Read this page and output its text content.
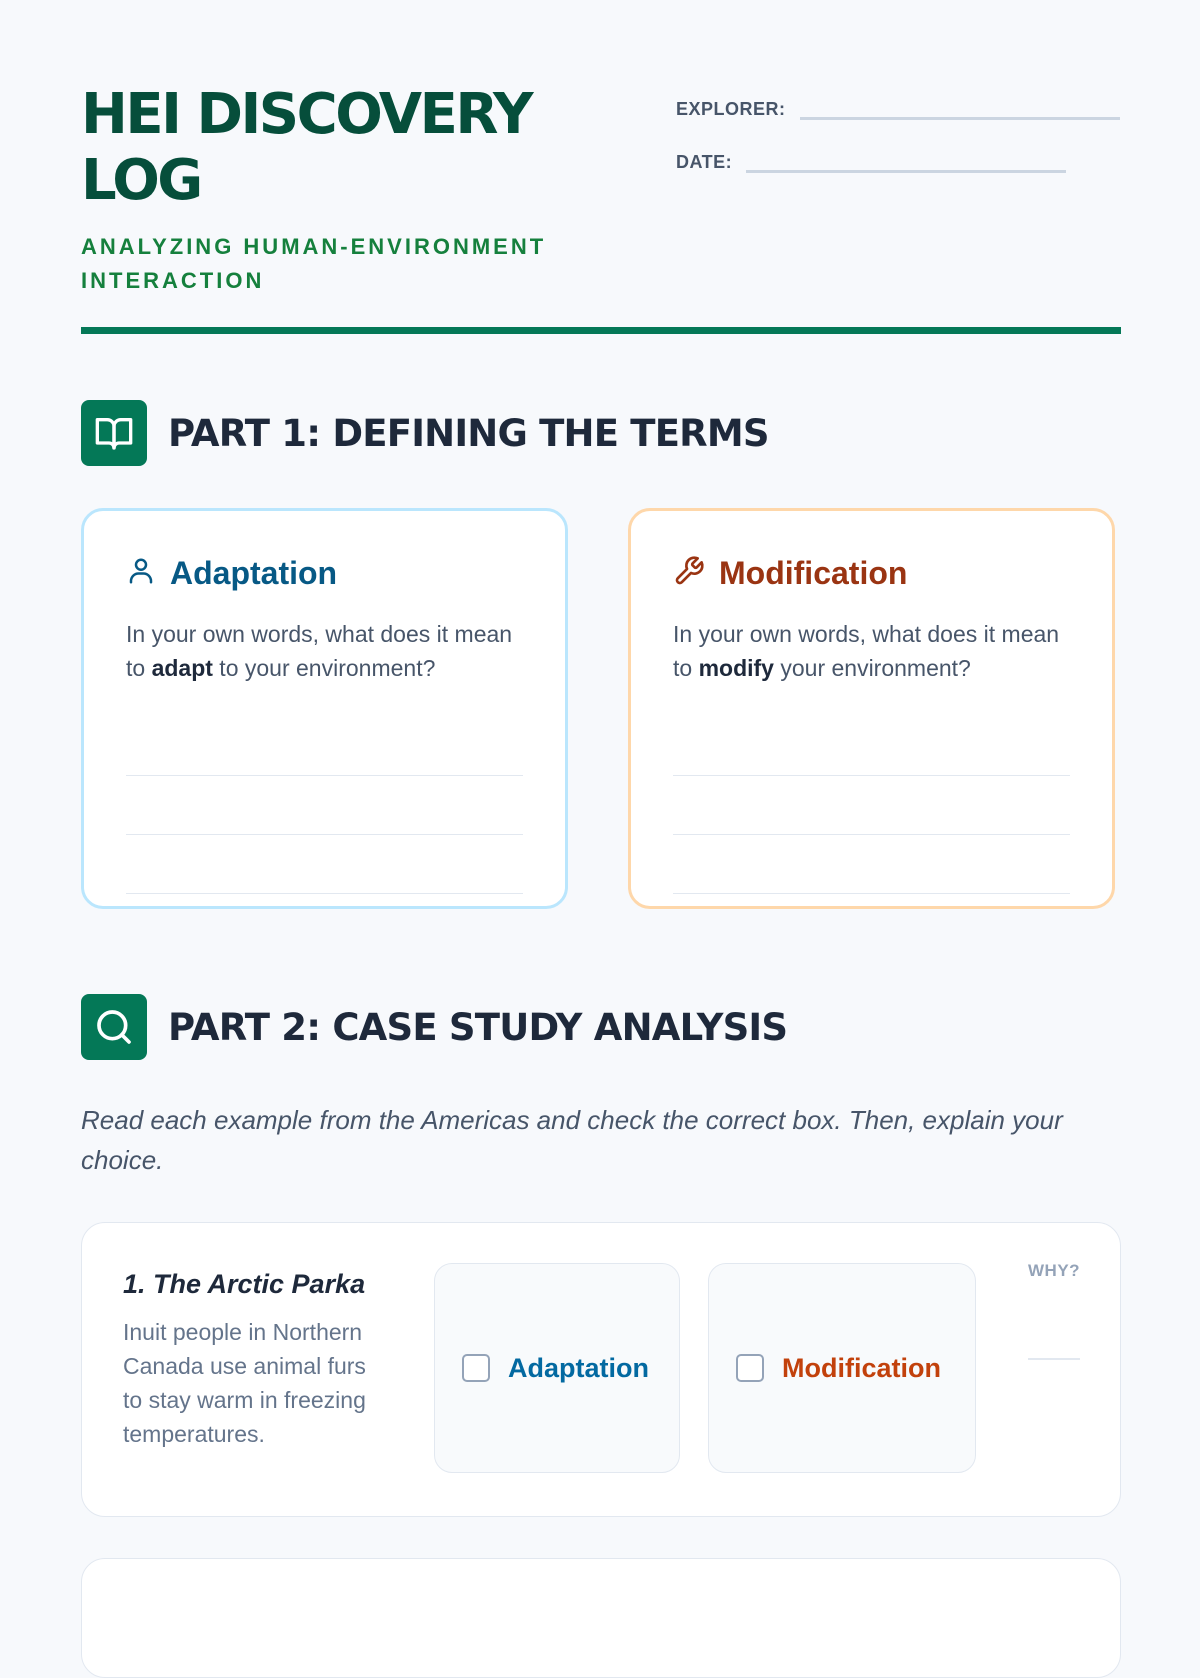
HEI DISCOVERY LOG
ANALYZING HUMAN-ENVIRONMENT INTERACTION
EXPLORER:
DATE:
PART 1: DEFINING THE TERMS
Adaptation
In your own words, what does it mean to adapt to your environment?
Modification
In your own words, what does it mean to modify your environment?
PART 2: CASE STUDY ANALYSIS

Read each example from the Americas and check the correct box. Then, explain your choice.

1. The Arctic Parka
Inuit people in Northern Canada use animal furs to stay warm in freezing temperatures.
Adaptation	Modification
WHY?
